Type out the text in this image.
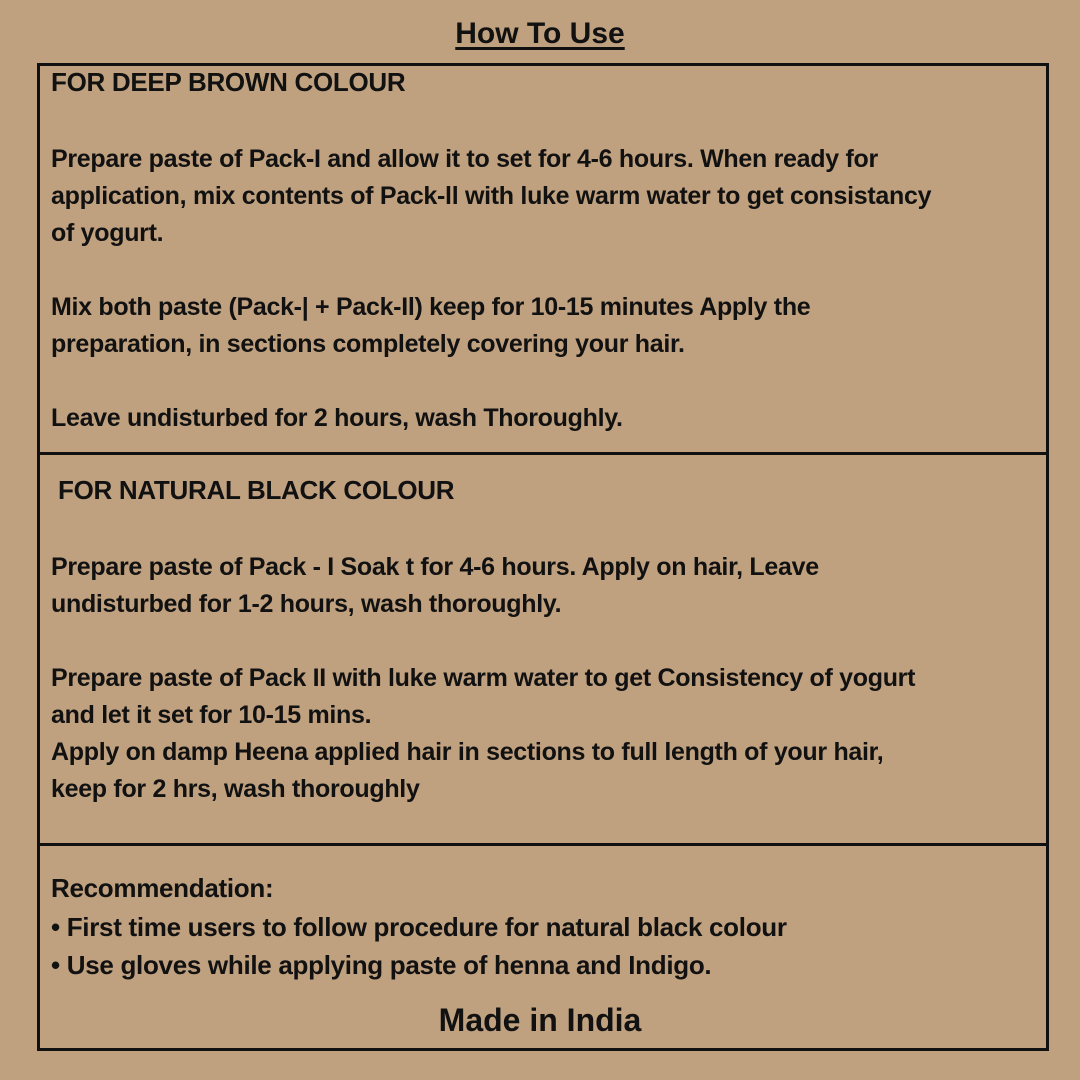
How To Use
FOR DEEP BROWN COLOUR
Prepare paste of Pack-I and allow it to set for 4-6 hours. When ready for
application, mix contents of Pack-ll with luke warm water to get consistancy
of yogurt.
Mix both paste (Pack-| + Pack-Il) keep for 10-15 minutes Apply the
preparation, in sections completely covering your hair.
Leave undisturbed for 2 hours, wash Thoroughly.
FOR NATURAL BLACK COLOUR
Prepare paste of Pack - I Soak t for 4-6 hours. Apply on hair, Leave
undisturbed for 1-2 hours, wash thoroughly.
Prepare paste of Pack II with luke warm water to get Consistency of yogurt
and let it set for 10-15 mins.
Apply on damp Heena applied hair in sections to full length of your hair,
keep for 2 hrs, wash thoroughly
Recommendation:
• First time users to follow procedure for natural black colour
• Use gloves while applying paste of henna and Indigo.
Made in India
